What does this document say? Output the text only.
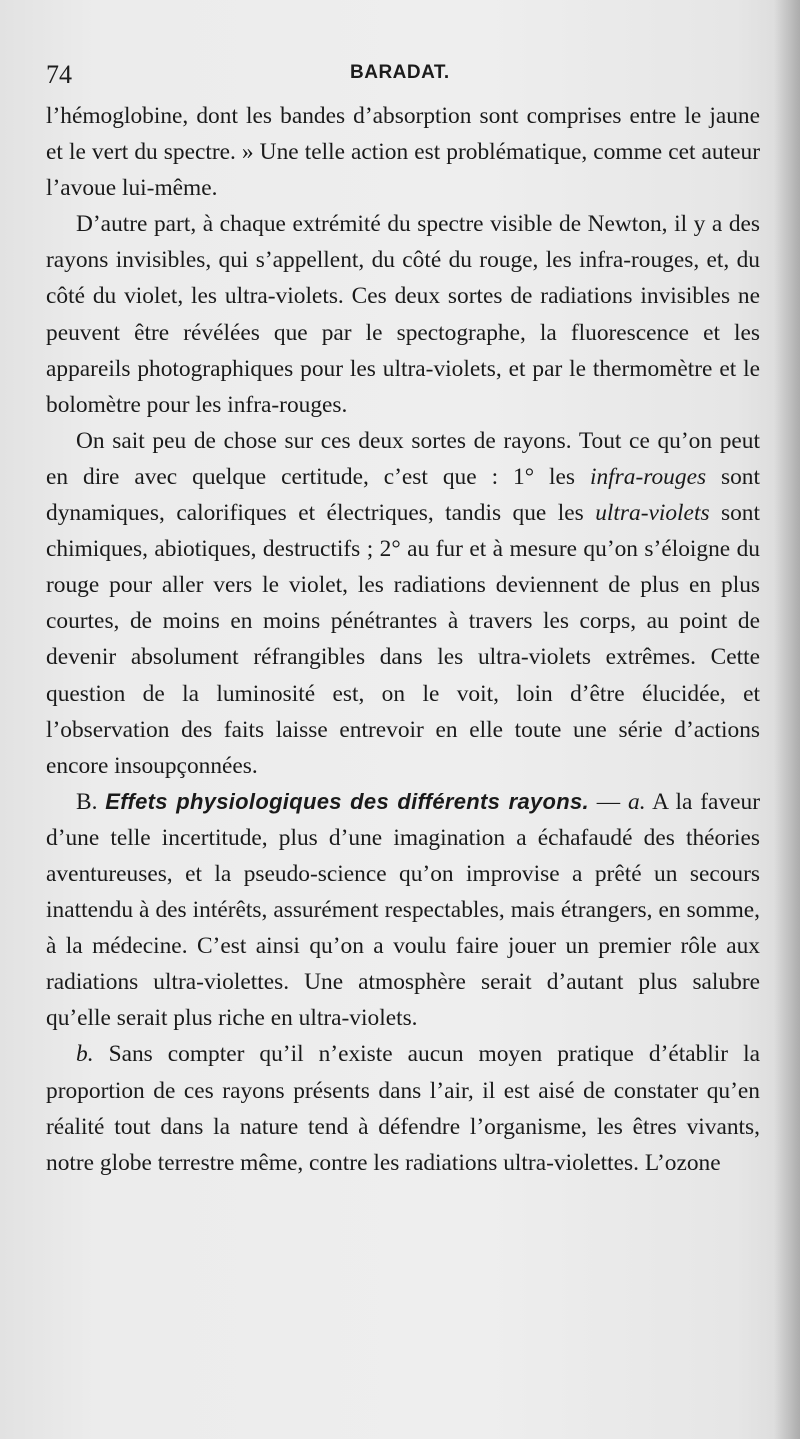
74	BARADAT.

l’hémoglobine, dont les bandes d’absorption sont comprises entre le jaune et le vert du spectre. » Une telle action est problématique, comme cet auteur l’avoue lui-même.

D’autre part, à chaque extrémité du spectre visible de Newton, il y a des rayons invisibles, qui s’appellent, du côté du rouge, les infra-rouges, et, du côté du violet, les ultra-violets. Ces deux sortes de radiations invisibles ne peuvent être révélées que par le spectographe, la fluorescence et les appareils photographiques pour les ultra-violets, et par le thermomètre et le bolomètre pour les infra-rouges.

On sait peu de chose sur ces deux sortes de rayons. Tout ce qu’on peut en dire avec quelque certitude, c’est que : 1° les infra-rouges sont dynamiques, calorifiques et électriques, tandis que les ultra-violets sont chimiques, abiotiques, destructifs ; 2° au fur et à mesure qu’on s’éloigne du rouge pour aller vers le violet, les radiations deviennent de plus en plus courtes, de moins en moins pénétrantes à travers les corps, au point de devenir absolument réfrangibles dans les ultra-violets extrêmes. Cette question de la luminosité est, on le voit, loin d’être élucidée, et l’observation des faits laisse entrevoir en elle toute une série d’actions encore insoupçonnées.

B. Effets physiologiques des différents rayons. — a. A la faveur d’une telle incertitude, plus d’une imagination a échafaudé des théories aventureuses, et la pseudo-science qu’on improvise a prêté un secours inattendu à des intérêts, assurément respectables, mais étrangers, en somme, à la médecine. C’est ainsi qu’on a voulu faire jouer un premier rôle aux radiations ultra-violettes. Une atmosphère serait d’autant plus salubre qu’elle serait plus riche en ultra-violets.

b. Sans compter qu’il n’existe aucun moyen pratique d’établir la proportion de ces rayons présents dans l’air, il est aisé de constater qu’en réalité tout dans la nature tend à défendre l’organisme, les êtres vivants, notre globe terrestre même, contre les radiations ultra-violettes. L’ozone
